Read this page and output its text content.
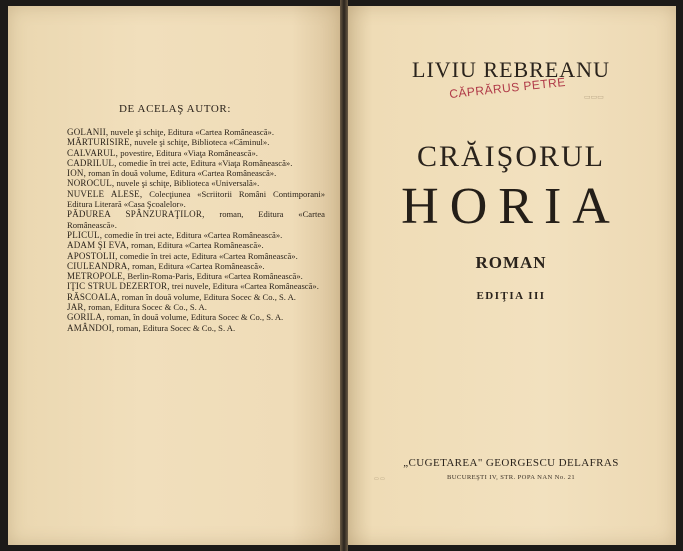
DE ACELAŞ AUTOR:
GOLANII, nuvele şi schiţe, Editura «Cartea Românească».
MĂRTURISIRE, nuvele şi schiţe, Biblioteca «Căminul».
CALVARUL, povestire, Editura «Viaţa Românească».
CADRILUL, comedie în trei acte, Editura «Viaţa Românească».
ION, roman în două volume, Editura «Cartea Românească».
NOROCUL, nuvele şi schiţe, Biblioteca «Universală».
NUVELE ALESE, Colecţiunea «Scriitorii Români Contimporani» Editura Literară «Casa Şcoalelor».
PĂDUREA SPÂNZURAŢILOR, roman, Editura «Cartea Românească».
PLICUL, comedie în trei acte, Editura «Cartea Românească».
ADAM ŞI EVA, roman, Editura «Cartea Românească».
APOSTOLII, comedie în trei acte, Editura «Cartea Românească».
CIULEANDRA, roman, Editura «Cartea Românească».
METROPOLE, Berlin-Roma-Paris, Editura «Cartea Românească».
IŢIC STRUL DEZERTOR, trei nuvele, Editura «Cartea Românească».
RĂSCOALA, roman în două volume, Editura Socec & Co., S. A.
JAR, roman, Editura Socec & Co., S. A.
GORILA, roman, în două volume, Editura Socec & Co., S. A.
AMÂNDOI, roman, Editura Socec & Co., S. A.
LIVIU REBREANU
CĂPRĂRUS PETRE	▭▭▭
CRĂIŞORUL
HORIA
ROMAN
EDIŢIA III
„CUGETAREA" GEORGESCU DELAFRAS
BUCUREŞTI IV, STR. POPA NAN No. 21
▭ ▭
